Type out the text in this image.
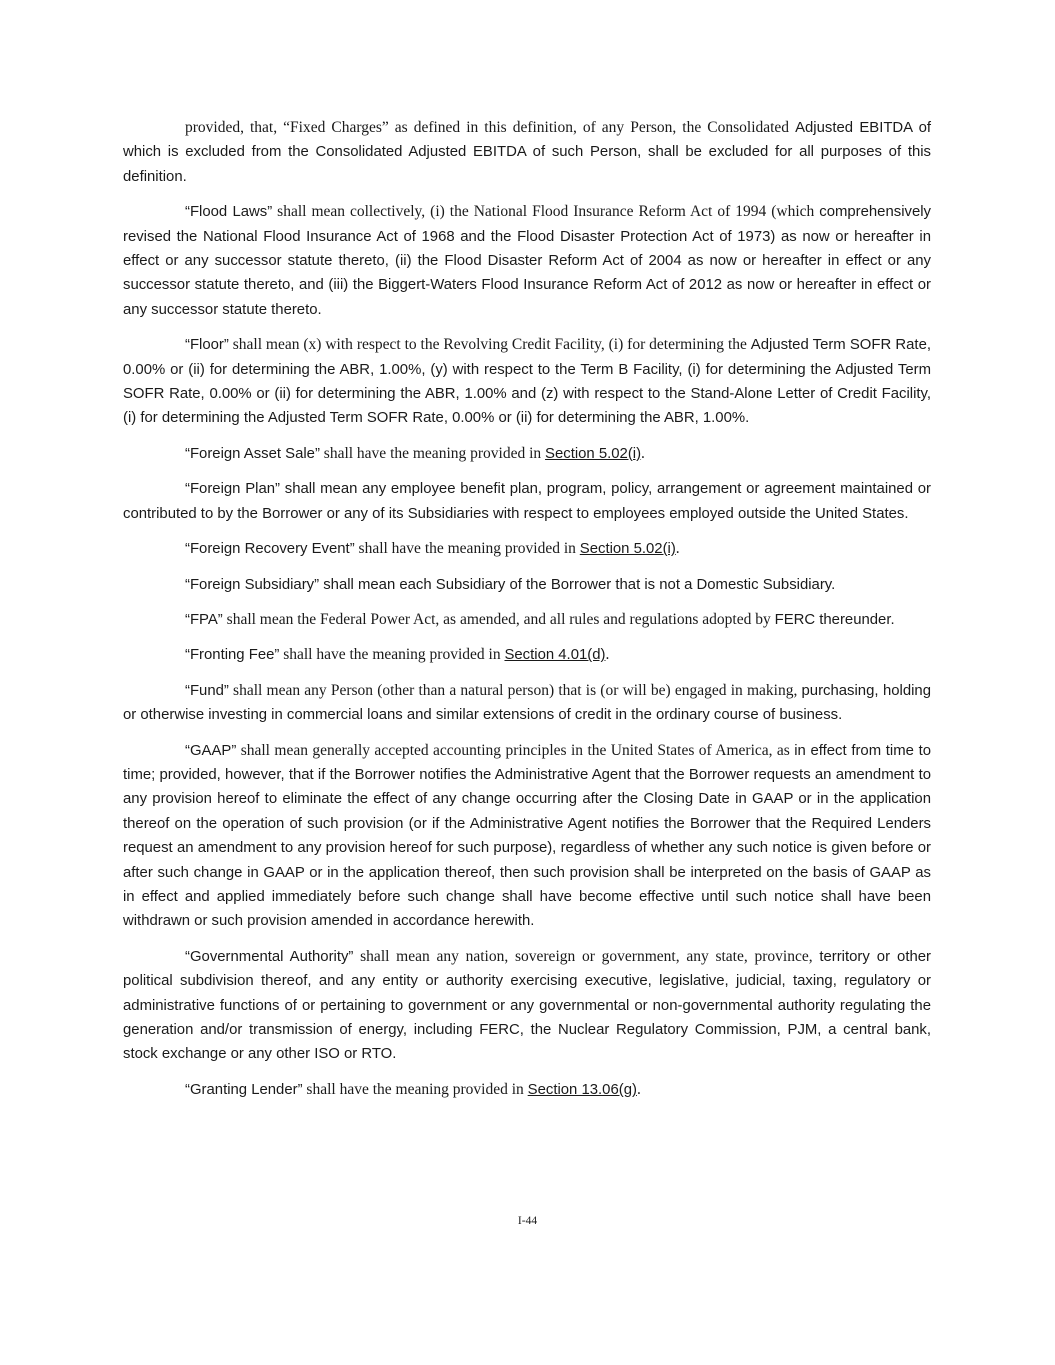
provided, that, “Fixed Charges” as defined in this definition, of any Person, the Consolidated Adjusted EBITDA of which is excluded from the Consolidated Adjusted EBITDA of such Person, shall be excluded for all purposes of this definition.

“Flood Laws” shall mean collectively, (i) the National Flood Insurance Reform Act of 1994 (which comprehensively revised the National Flood Insurance Act of 1968 and the Flood Disaster Protection Act of 1973) as now or hereafter in effect or any successor statute thereto, (ii) the Flood Disaster Reform Act of 2004 as now or hereafter in effect or any successor statute thereto, and (iii) the Biggert-Waters Flood Insurance Reform Act of 2012 as now or hereafter in effect or any successor statute thereto.

“Floor” shall mean (x) with respect to the Revolving Credit Facility, (i) for determining the Adjusted Term SOFR Rate, 0.00% or (ii) for determining the ABR, 1.00%, (y) with respect to the Term B Facility, (i) for determining the Adjusted Term SOFR Rate, 0.00% or (ii) for determining the ABR, 1.00% and (z) with respect to the Stand-Alone Letter of Credit Facility, (i) for determining the Adjusted Term SOFR Rate, 0.00% or (ii) for determining the ABR, 1.00%.

“Foreign Asset Sale” shall have the meaning provided in Section 5.02(i).

“Foreign Plan” shall mean any employee benefit plan, program, policy, arrangement or agreement maintained or contributed to by the Borrower or any of its Subsidiaries with respect to employees employed outside the United States.

“Foreign Recovery Event” shall have the meaning provided in Section 5.02(i).

“Foreign Subsidiary” shall mean each Subsidiary of the Borrower that is not a Domestic Subsidiary.

“FPA” shall mean the Federal Power Act, as amended, and all rules and regulations adopted by FERC thereunder.

“Fronting Fee” shall have the meaning provided in Section 4.01(d).

“Fund” shall mean any Person (other than a natural person) that is (or will be) engaged in making, purchasing, holding or otherwise investing in commercial loans and similar extensions of credit in the ordinary course of business.

“GAAP” shall mean generally accepted accounting principles in the United States of America, as in effect from time to time; provided, however, that if the Borrower notifies the Administrative Agent that the Borrower requests an amendment to any provision hereof to eliminate the effect of any change occurring after the Closing Date in GAAP or in the application thereof on the operation of such provision (or if the Administrative Agent notifies the Borrower that the Required Lenders request an amendment to any provision hereof for such purpose), regardless of whether any such notice is given before or after such change in GAAP or in the application thereof, then such provision shall be interpreted on the basis of GAAP as in effect and applied immediately before such change shall have become effective until such notice shall have been withdrawn or such provision amended in accordance herewith.

“Governmental Authority” shall mean any nation, sovereign or government, any state, province, territory or other political subdivision thereof, and any entity or authority exercising executive, legislative, judicial, taxing, regulatory or administrative functions of or pertaining to government or any governmental or non-governmental authority regulating the generation and/or transmission of energy, including FERC, the Nuclear Regulatory Commission, PJM, a central bank, stock exchange or any other ISO or RTO.

“Granting Lender” shall have the meaning provided in Section 13.06(g).

I-44
